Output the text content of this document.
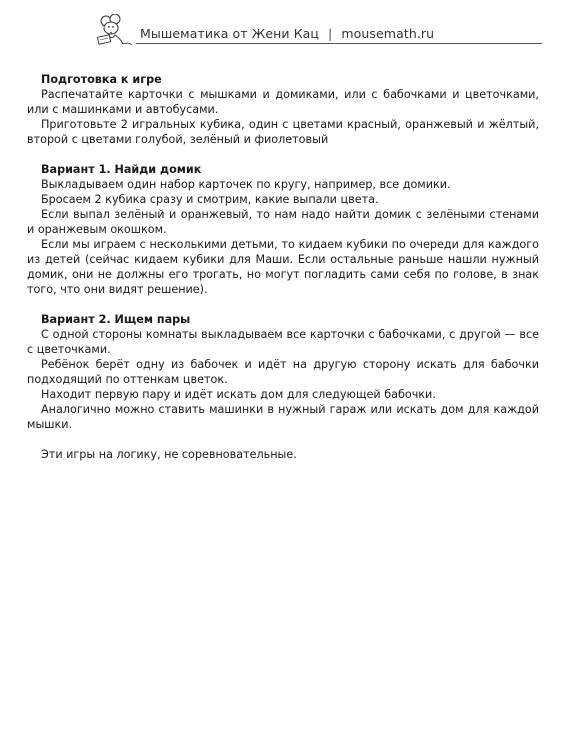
Мышематика от Жени Кац | mousemath.ru
Подготовка к игре

Распечатайте карточки с мышками и домиками, или с бабочками и цветочками, или с машинками и автобусами.

Приготовьте 2 игральных кубика, один с цветами красный, оранжевый и жёлтый, второй с цветами голубой, зелёный и фиолетовый

Вариант 1. Найди домик

Выкладываем один набор карточек по кругу, например, все домики.

Бросаем 2 кубика сразу и смотрим, какие выпали цвета.

Если выпал зелёный и оранжевый, то нам надо найти домик с зелёными стенами и оранжевым окошком.

Если мы играем с несколькими детьми, то кидаем кубики по очереди для каждого из детей (сейчас кидаем кубики для Маши. Если остальные раньше нашли нужный домик, они не должны его трогать, но могут погладить сами себя по голове, в знак того, что они видят решение).

Вариант 2. Ищем пары

С одной стороны комнаты выкладываем все карточки с бабочками, с другой — все с цветочками.

Ребёнок берёт одну из бабочек и идёт на другую сторону искать для бабочки подходящий по оттенкам цветок.

Находит первую пару и идёт искать дом для следующей бабочки.

Аналогично можно ставить машинки в нужный гараж или искать дом для каждой мышки.

Эти игры на логику, не соревновательные.
